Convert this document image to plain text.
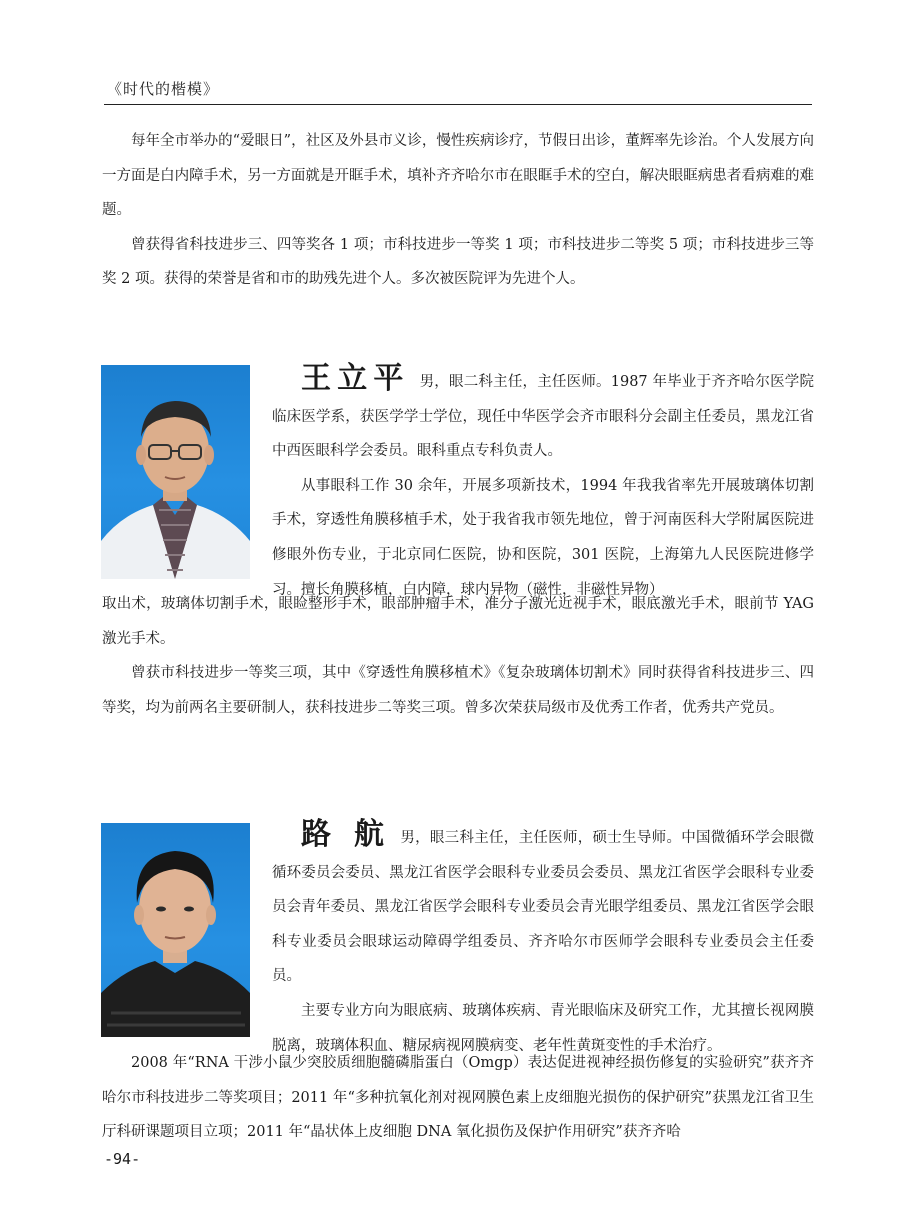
《时代的楷模》

每年全市举办的“爱眼日”，社区及外县市义诊，慢性疾病诊疗，节假日出诊，董辉率先诊治。个人发展方向一方面是白内障手术，另一方面就是开眶手术，填补齐齐哈尔市在眼眶手术的空白，解决眼眶病患者看病难的难题。

曾获得省科技进步三、四等奖各 1 项；市科技进步一等奖 1 项；市科技进步二等奖 5 项；市科技进步三等奖 2 项。获得的荣誉是省和市的助残先进个人。多次被医院评为先进个人。

王立平 男，眼二科主任，主任医师。1987 年毕业于齐齐哈尔医学院临床医学系，获医学学士学位，现任中华医学会齐市眼科分会副主任委员，黑龙江省中西医眼科学会委员。眼科重点专科负责人。

从事眼科工作 30 余年，开展多项新技术，1994 年我我省率先开展玻璃体切割手术，穿透性角膜移植手术，处于我省我市领先地位，曾于河南医科大学附属医院进修眼外伤专业，于北京同仁医院，协和医院，301 医院，上海第九人民医院进修学习。擅长角膜移植，白内障，球内异物（磁性，非磁性异物）

取出术，玻璃体切割手术，眼睑整形手术，眼部肿瘤手术，准分子激光近视手术，眼底激光手术，眼前节 YAG 激光手术。

曾获市科技进步一等奖三项，其中《穿透性角膜移植术》《复杂玻璃体切割术》同时获得省科技进步三、四等奖，均为前两名主要研制人，获科技进步二等奖三项。曾多次荣获局级市及优秀工作者，优秀共产党员。

路 航 男，眼三科主任，主任医师，硕士生导师。中国微循环学会眼微循环委员会委员、黑龙江省医学会眼科专业委员会委员、黑龙江省医学会眼科专业委员会青年委员、黑龙江省医学会眼科专业委员会青光眼学组委员、黑龙江省医学会眼科专业委员会眼球运动障碍学组委员、齐齐哈尔市医师学会眼科专业委员会主任委员。

主要专业方向为眼底病、玻璃体疾病、青光眼临床及研究工作，尤其擅长视网膜脱离，玻璃体积血、糖尿病视网膜病变、老年性黄斑变性的手术治疗。

2008 年“RNA 干涉小鼠少突胶质细胞髓磷脂蛋白（Omgp）表达促进视神经损伤修复的实验研究”获齐齐哈尔市科技进步二等奖项目；2011 年“多种抗氧化剂对视网膜色素上皮细胞光损伤的保护研究”获黑龙江省卫生厅科研课题项目立项；2011 年“晶状体上皮细胞 DNA 氧化损伤及保护作用研究”获齐齐哈

-94-
